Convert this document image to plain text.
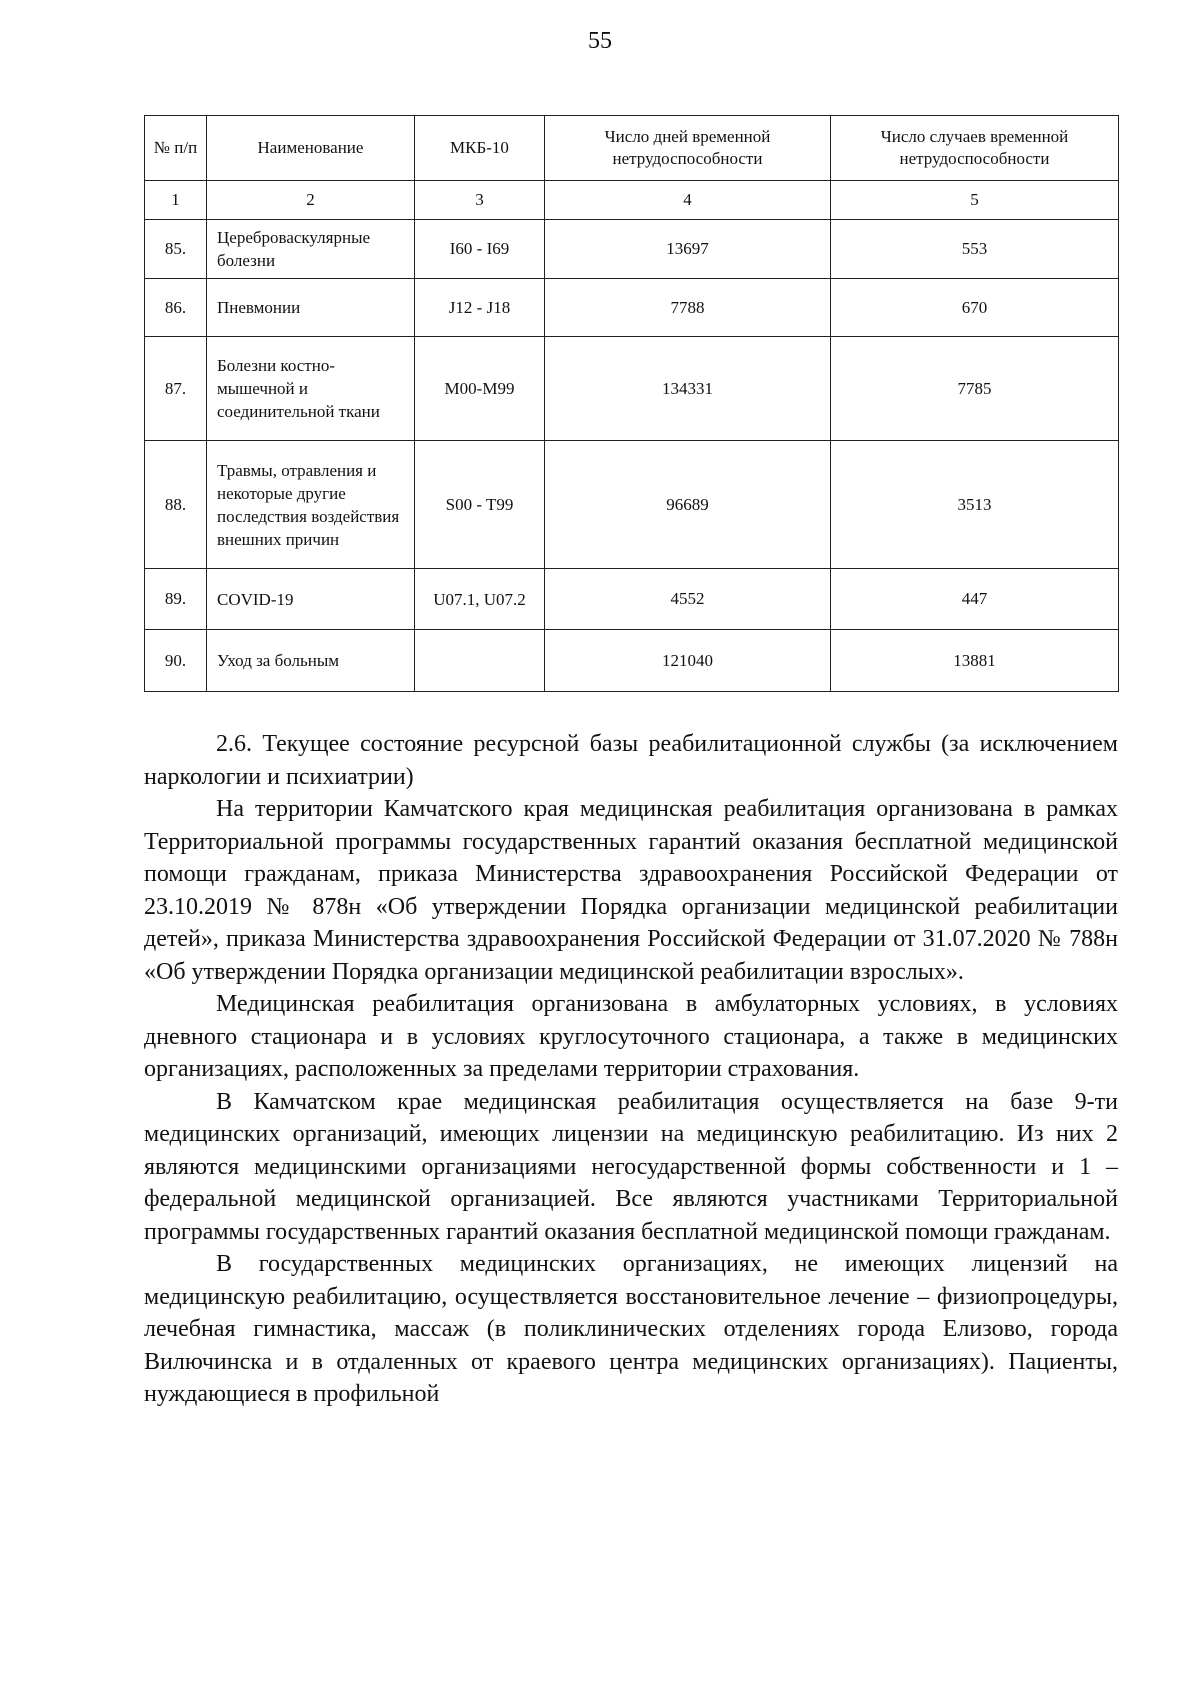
55
№ п/п	Наименование	МКБ-10	Число дней временной нетрудоспособности	Число случаев временной нетрудоспособности
1	2	3	4	5
85.	Цереброваскулярные болезни	I60 - I69	13697	553
86.	Пневмонии	J12 - J18	7788	670
87.	Болезни костно-мышечной и соединительной ткани	M00-M99	134331	7785
88.	Травмы, отравления и некоторые другие последствия воздействия внешних причин	S00 - T99	96689	3513
89.	COVID-19	U07.1, U07.2	4552	447
90.	Уход за больным		121040	13881

2.6. Текущее состояние ресурсной базы реабилитационной службы (за исключением наркологии и психиатрии)

На территории Камчатского края медицинская реабилитация организована в рамках Территориальной программы государственных гарантий оказания бесплатной медицинской помощи гражданам, приказа Министерства здравоохранения Российской Федерации от 23.10.2019 № 878н «Об утверждении Порядка организации медицинской реабилитации детей», приказа Министерства здравоохранения Российской Федерации от 31.07.2020 № 788н «Об утверждении Порядка организации медицинской реабилитации взрослых».

Медицинская реабилитация организована в амбулаторных условиях, в условиях дневного стационара и в условиях круглосуточного стационара, а также в медицинских организациях, расположенных за пределами территории страхования.

В Камчатском крае медицинская реабилитация осуществляется на базе 9-ти медицинских организаций, имеющих лицензии на медицинскую реабилитацию. Из них 2 являются медицинскими организациями негосударственной формы собственности и 1 – федеральной медицинской организацией. Все являются участниками Территориальной программы государственных гарантий оказания бесплатной медицинской помощи гражданам.

В государственных медицинских организациях, не имеющих лицензий на медицинскую реабилитацию, осуществляется восстановительное лечение – физиопроцедуры, лечебная гимнастика, массаж (в поликлинических отделениях города Елизово, города Вилючинска и в отдаленных от краевого центра медицинских организациях). Пациенты, нуждающиеся в профильной
